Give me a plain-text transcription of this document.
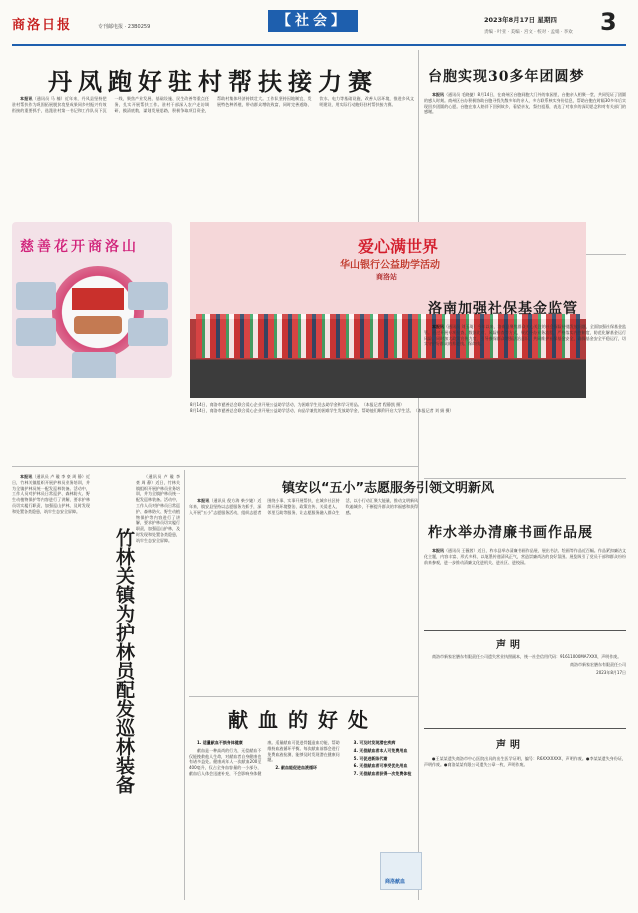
商洛日报	专刊邮电报 · 23B0259	【社会】	2023年8月17日 星期四
责编 · 叶亚 · 美编 · 宫文 · 校对 · 孟娟 · 李欢 3
丹凤跑好驻村帮扶接力赛

本报讯（通讯员 马 楠）近年来，丹凤县坚持把驻村帮扶作为巩固拓展脱贫攻坚成果同乡村振兴有效衔接的重要抓手，选派驻村第一书记和工作队员下沉一线，聚焦产业发展、基础设施、民生改善等重点任务，扎实开展帮扶工作。驻村干部深入农户走访调研，摸清底数，谋划发展思路，积极争取项目资金，帮助村集体经济持续壮大。工作队坚持因地制宜，发展特色种养殖，带动群众增收致富，同时完善道路、饮水、电力等基础设施，改善人居环境，推进乡风文明建设，用实际行动跑好驻村帮扶接力赛。

慈善花开商洛山	爱心满世界
华山银行公益助学活动
商洛站

8月14日，商洛市慈善总会联合爱心企业开展公益助学活动，为困难学生送去助学金和学习用品。（本报记者 程静凯 摄）

8月14日，商洛市慈善总会联合爱心企业开展公益助学活动，向品学兼优的困难学生发放助学金，帮助他们顺利开启大学生活。（本报记者 刘 娟 摄）

台胞实现30多年团圆梦

本报讯（通讯员 毛晓捷）8月14日，在商州区台胞同胞大门外的家园里，台胞亲人相聚一堂，共同见证了团圆的感人时刻。商州区台办积极协助台胞寻找失散多年的亲人，多方联系核实身份信息，帮助台胞在时隔30多年后实现回乡团圆的心愿。台胞在家人陪伴下回到故乡，看望亲友，祭扫祖墓，表达了对家乡的深切思念和对有关部门的感谢。

洛南加强社保基金监管

本报讯（通讯员 刘玉琦）今年以来，洛南县聚焦群众关心关注的社会保险待遇发放问题，全面加强社保基金监管。通过开展专项检查、数据比对、风险排查等方式，规范经办业务流程，严格落实内控制度，防范化解基金运行风险。同时加大政策宣传力度，引导参保群众增强法治意识，共同维护社保基金安全，确保基金安全平稳运行，切实守护好群众的养老钱、保命钱。

柞水举办清廉书画作品展

本报讯（通讯员 王薇茜）近日，柞水县举办清廉书画作品展，展出书法、绘画等作品近百幅。作品紧扣廉洁文化主题，内容丰富、形式多样，以笔墨传递清风正气，营造崇廉尚洁的良好氛围。展览吸引了党员干部和群众纷纷前来参观，进一步推动清廉文化进机关、进社区、进校园。

声明

商洛市新家宏膳东有限责任公司遗失营业执照副本，统一社会信用代码：91611000MA7XXX，声明作废。

商洛市新家宏膳东有限责任公司

2023年8月17日

声明

●王某某遗失商洛市中心医院出具的出生医学证明，编号：R6XXXXXXX，声明作废。●李某某遗失身份证，声明作废。●商洛某某有限公司遗失公章一枚，声明作废。

本报讯（通讯员 卢 璇 李 豪 周 静）近日，竹林关镇组织开展护林员业务培训，并为全镇护林员统一配发巡林装备。活动中，工作人员对护林员日常巡护、森林防火、野生动植物保护等内容进行了讲解，要求护林员切实履行职责，加强巡山护林，及时发现和处置各类隐患，筑牢生态安全屏障。

竹林关镇为护林员配发巡林装备

（通讯员 卢 璇 李 豪 周 静）近日，竹林关镇组织开展护林员业务培训，并为全镇护林员统一配发巡林装备。活动中，工作人员对护林员日常巡护、森林防火、野生动植物保护等内容进行了讲解，要求护林员切实履行职责，加强巡山护林，及时发现和处置各类隐患，筑牢生态安全屏障。

镇安以“五小”志愿服务引领文明新风

本报讯（通讯员 倪方海 柴少婕）近年来，镇安县坚持以志愿服务为抓手，深入开展“五小”志愿服务活动，组织志愿者围绕小事、实事开展帮扶，在城乡社区持续开展环境整治、政策宣传、关爱老人、邻里互助等服务，让志愿服务融入群众生活，以小行动汇聚大能量，推动文明新风吹遍城乡，不断提升群众的幸福感和获得感。

献血的好处

1. 适量献血不损身体健康

献血是一种高尚的行为，无偿献血不仅能挽救他人生命，对献血者自身健康也有诸多益处。健康成年人一次献血200至400毫升，仅占全身血容量的一小部分，献血后人体会迅速补充，不会影响身体健康。适量献血可促进骨髓造血功能，帮助维持血液循环平衡。每次献血前都会进行免费血液检测，能够及时发现潜在健康问题。

2. 献血能促进血液循环

3. 可及时发现潜在疾病

4. 无偿献血者本人可免费用血

5. 可促进新陈代谢

6. 无偿献血者可享受优先用血

7. 无偿献血者获得一次免费体检

商洛献血
